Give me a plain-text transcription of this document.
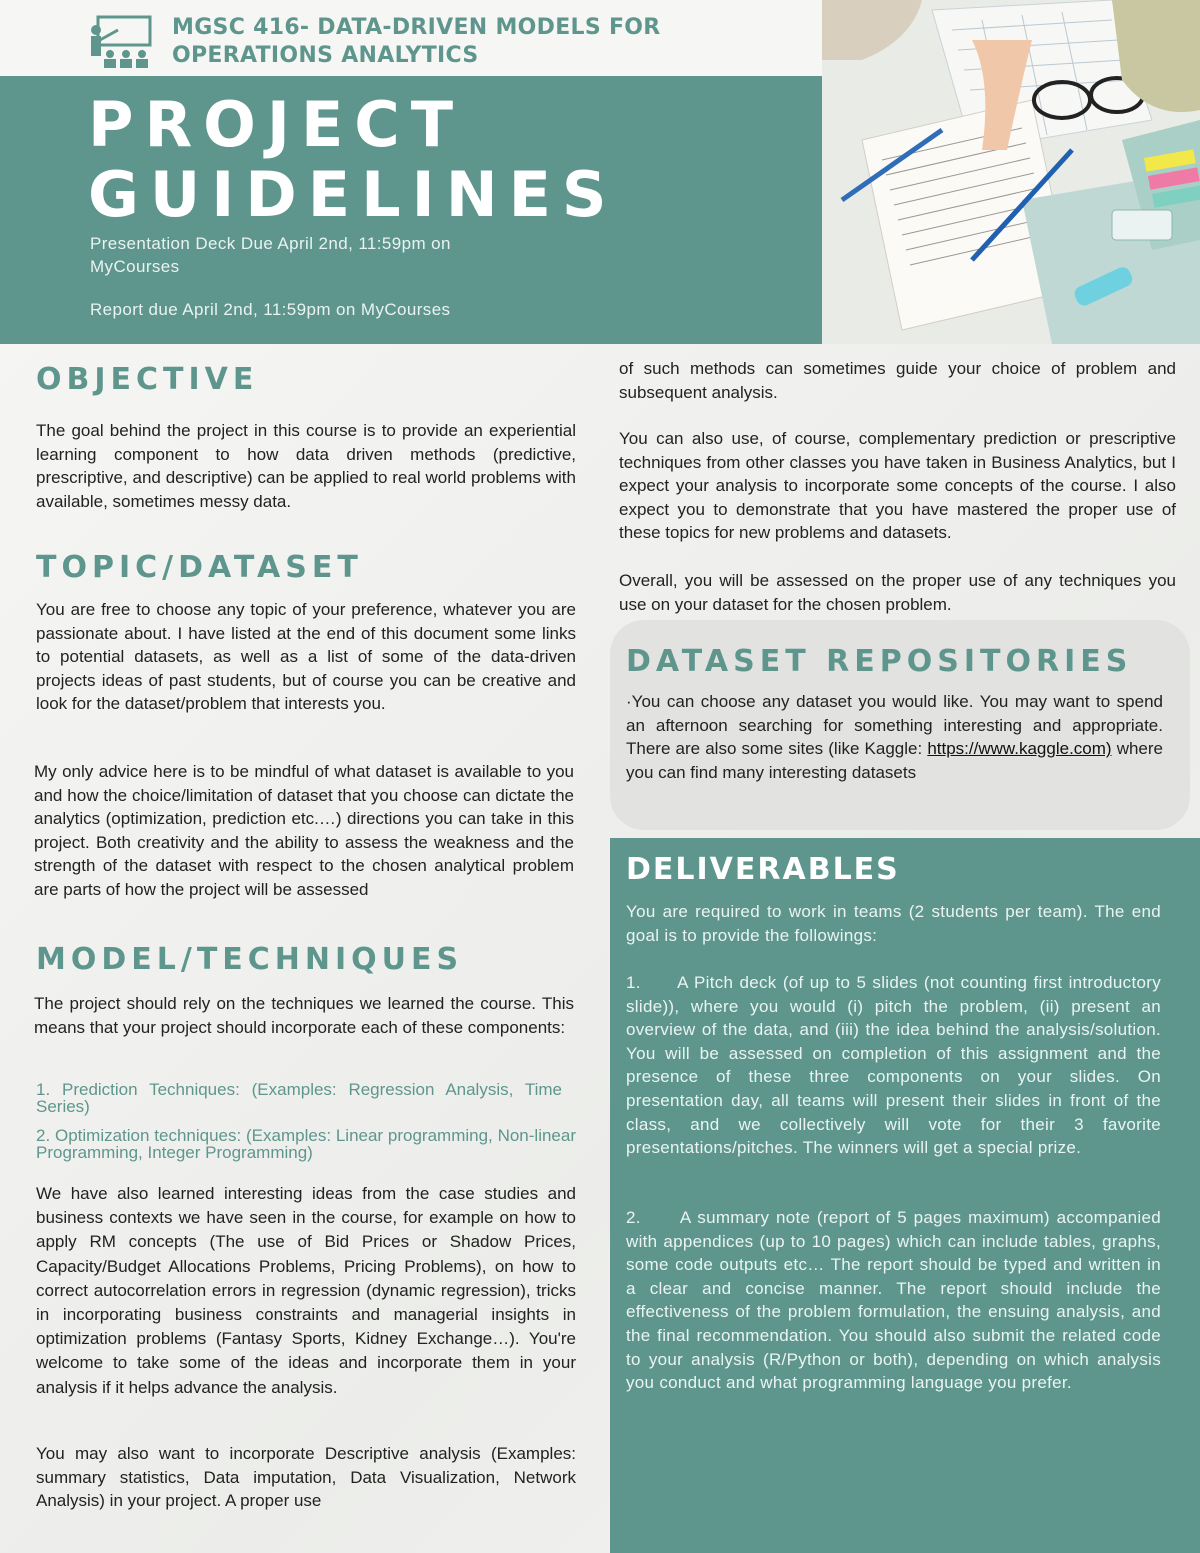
MGSC 416- DATA-DRIVEN MODELS FOR
OPERATIONS ANALYTICS
PROJECT
GUIDELINES
Presentation Deck Due April 2nd, 11:59pm on
MyCourses
Report due April 2nd, 11:59pm on MyCourses
OBJECTIVE
The goal behind the project in this course is to provide an experiential learning component to how data driven methods (predictive, prescriptive, and descriptive) can be applied to real world problems with available, sometimes messy data.
TOPIC/DATASET
You are free to choose any topic of your preference, whatever you are passionate about. I have listed at the end of this document some links to potential datasets, as well as a list of some of the data-driven projects ideas of past students, but of course you can be creative and look for the dataset/problem that interests you.
My only advice here is to be mindful of what dataset is available to you and how the choice/limitation of dataset that you choose can dictate the analytics (optimization, prediction etc.…) directions you can take in this project. Both creativity and the ability to assess the weakness and the strength of the dataset with respect to the chosen analytical problem are parts of how the project will be assessed
MODEL/TECHNIQUES
The project should rely on the techniques we learned the course. This means that your project should incorporate each of these components:
1. Prediction Techniques: (Examples: Regression Analysis, Time Series)
2. Optimization techniques: (Examples: Linear programming, Non-linear Programming, Integer Programming)
We have also learned interesting ideas from the case studies and business contexts we have seen in the course, for example on how to apply RM concepts (The use of Bid Prices or Shadow Prices, Capacity/Budget Allocations Problems, Pricing Problems), on how to correct autocorrelation errors in regression (dynamic regression), tricks in incorporating business constraints and managerial insights in optimization problems (Fantasy Sports, Kidney Exchange…). You're welcome to take some of the ideas and incorporate them in your analysis if it helps advance the analysis.
You may also want to incorporate Descriptive analysis (Examples: summary statistics, Data imputation, Data Visualization, Network Analysis) in your project. A proper use
of such methods can sometimes guide your choice of problem and subsequent analysis.
You can also use, of course, complementary prediction or prescriptive techniques from other classes you have taken in Business Analytics, but I expect your analysis to incorporate some concepts of the course. I also expect you to demonstrate that you have mastered the proper use of these topics for new problems and datasets.
Overall, you will be assessed on the proper use of any techniques you use on your dataset for the chosen problem.
DATASET REPOSITORIES
·You can choose any dataset you would like. You may want to spend an afternoon searching for something interesting and appropriate. There are also some sites (like Kaggle: https://www.kaggle.com) where you can find many interesting datasets
DELIVERABLES
You are required to work in teams (2 students per team). The end goal is to provide the followings:
1.      A Pitch deck (of up to 5 slides (not counting first introductory slide)), where you would (i) pitch the problem, (ii) present an overview of the data, and (iii) the idea behind the analysis/solution. You will be assessed on completion of this assignment and the presence of these three components on your slides. On presentation day, all teams will present their slides in front of the class, and we collectively will vote for their 3 favorite presentations/pitches. The winners will get a special prize.
2.      A summary note (report of 5 pages maximum) accompanied with appendices (up to 10 pages) which can include tables, graphs, some code outputs etc… The report should be typed and written in a clear and concise manner. The report should include the effectiveness of the problem formulation, the ensuing analysis, and the final recommendation. You should also submit the related code to your analysis (R/Python or both), depending on which analysis you conduct and what programming language you prefer.
